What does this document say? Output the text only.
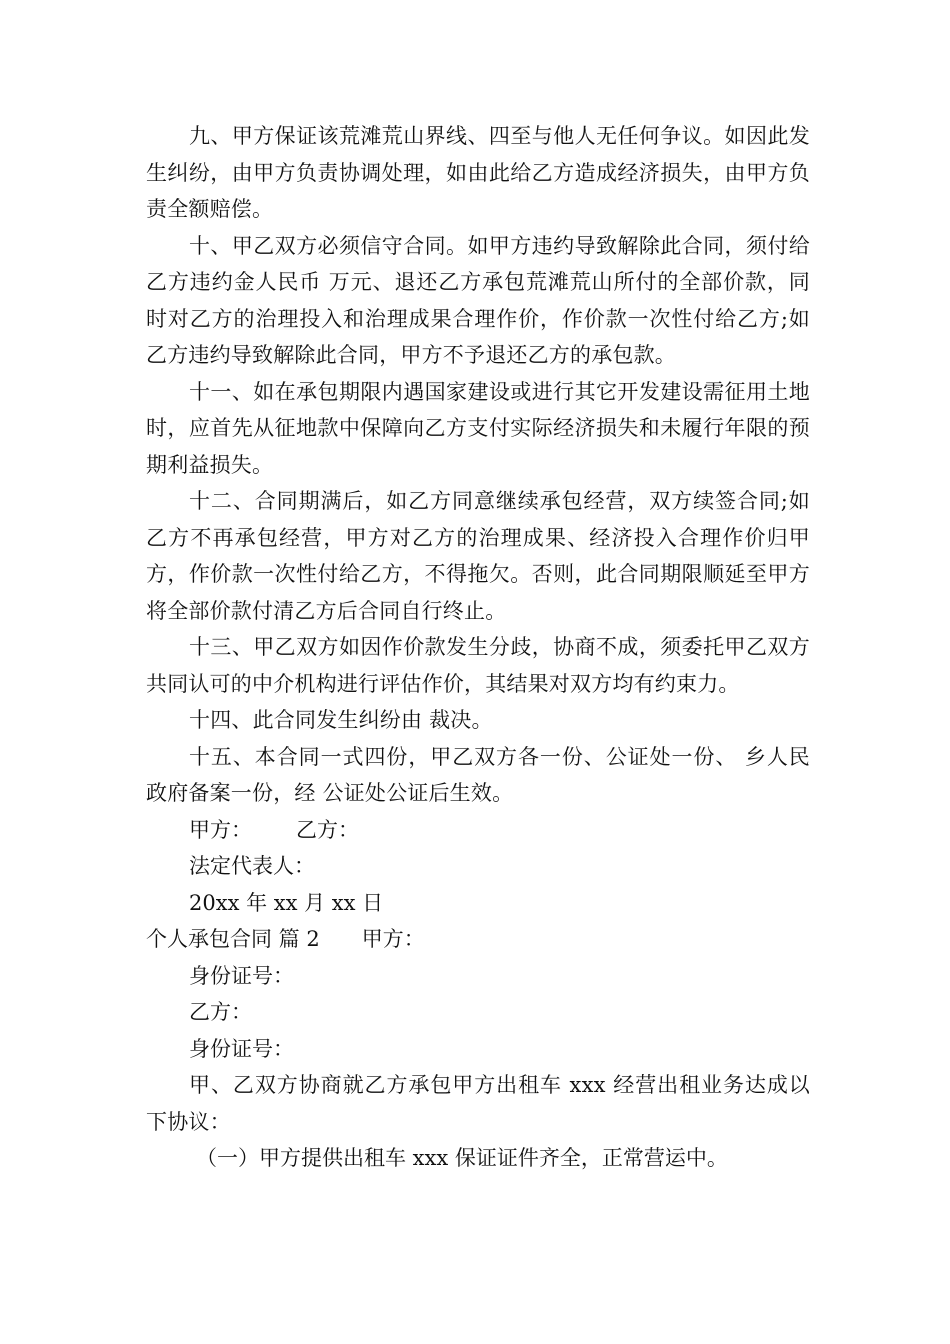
九、甲方保证该荒滩荒山界线、四至与他人无任何争议。如因此发生纠纷，由甲方负责协调处理，如由此给乙方造成经济损失，由甲方负责全额赔偿。

十、甲乙双方必须信守合同。如甲方违约导致解除此合同，须付给乙方违约金人民币 万元、退还乙方承包荒滩荒山所付的全部价款，同时对乙方的治理投入和治理成果合理作价，作价款一次性付给乙方;如乙方违约导致解除此合同，甲方不予退还乙方的承包款。

十一、如在承包期限内遇国家建设或进行其它开发建设需征用土地时，应首先从征地款中保障向乙方支付实际经济损失和未履行年限的预期利益损失。

十二、合同期满后，如乙方同意继续承包经营，双方续签合同;如乙方不再承包经营，甲方对乙方的治理成果、经济投入合理作价归甲方，作价款一次性付给乙方，不得拖欠。否则，此合同期限顺延至甲方将全部价款付清乙方后合同自行终止。

十三、甲乙双方如因作价款发生分歧，协商不成，须委托甲乙双方共同认可的中介机构进行评估作价，其结果对双方均有约束力。

十四、此合同发生纠纷由 裁决。

十五、本合同一式四份，甲乙双方各一份、公证处一份、 乡人民政府备案一份，经 公证处公证后生效。

甲方： 乙方：

法定代表人：

20xx 年 xx 月 xx 日

个人承包合同 篇 2 甲方：

身份证号：

乙方：

身份证号：

甲、乙双方协商就乙方承包甲方出租车 xxx 经营出租业务达成以下协议：

（一）甲方提供出租车 xxx 保证证件齐全，正常营运中。
